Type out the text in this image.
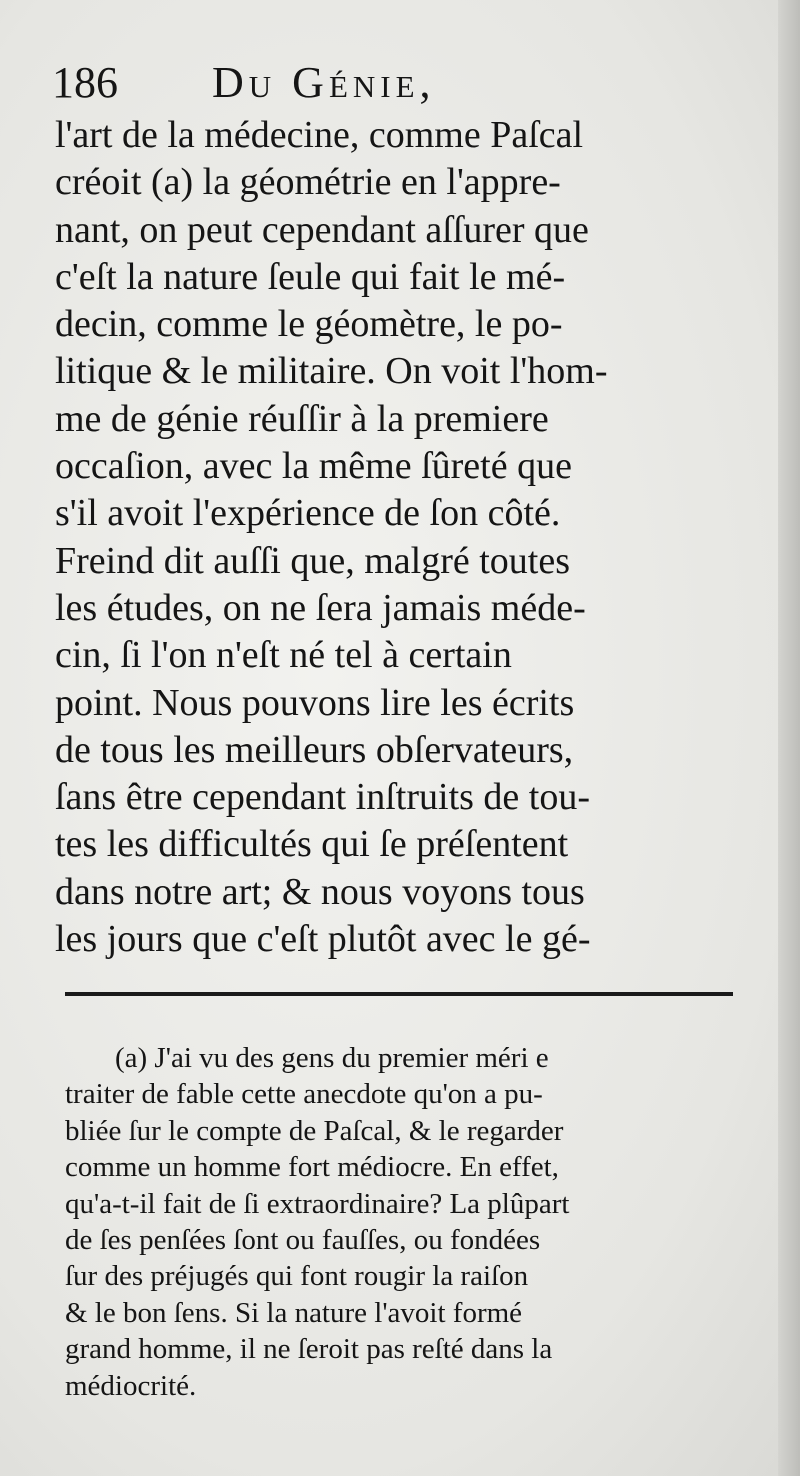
186 Du Génie,
l'art de la médecine, comme Paſcal
créoit (a) la géométrie en l'appre-
nant, on peut cependant aſſurer que
c'eſt la nature ſeule qui fait le mé-
decin, comme le géomètre, le po-
litique & le militaire. On voit l'hom-
me de génie réuſſir à la premiere
occaſion, avec la même ſûreté que
s'il avoit l'expérience de ſon côté.
Freind dit auſſi que, malgré toutes
les études, on ne ſera jamais méde-
cin, ſi l'on n'eſt né tel à certain
point. Nous pouvons lire les écrits
de tous les meilleurs obſervateurs,
ſans être cependant inſtruits de tou-
tes les difficultés qui ſe préſentent
dans notre art; & nous voyons tous
les jours que c'eſt plutôt avec le gé-
(a) J'ai vu des gens du premier méri e
traiter de fable cette anecdote qu'on a pu-
bliée ſur le compte de Paſcal, & le regarder
comme un homme fort médiocre. En effet,
qu'a-t-il fait de ſi extraordinaire? La plûpart
de ſes penſées ſont ou fauſſes, ou fondées
ſur des préjugés qui font rougir la raiſon
& le bon ſens. Si la nature l'avoit formé
grand homme, il ne ſeroit pas reſté dans la
médiocrité.
